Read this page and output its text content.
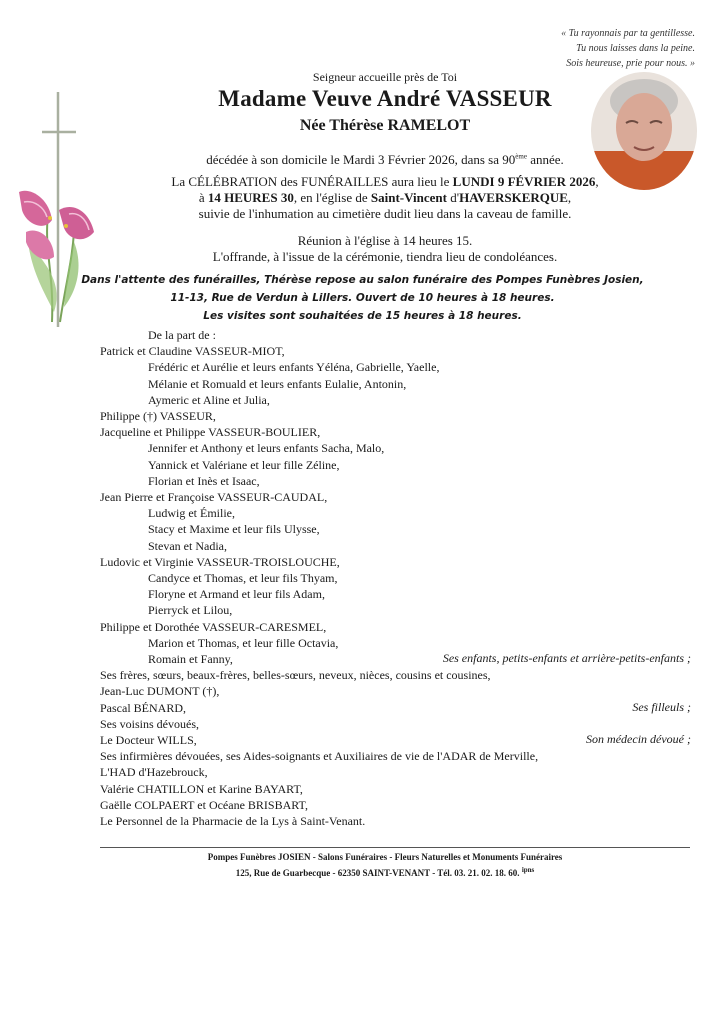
« Tu rayonnais par ta gentillesse.
Tu nous laisses dans la peine.
Sois heureuse, prie pour nous. »
Seigneur accueille près de Toi
Madame Veuve André VASSEUR
Née Thérèse RAMELOT
décédée à son domicile le Mardi 3 Février 2026, dans sa 90ème année.
La CÉLÉBRATION des FUNÉRAILLES aura lieu le LUNDI 9 FÉVRIER 2026,
à 14 HEURES 30, en l'église de Saint-Vincent d'HAVERSKERQUE,
suivie de l'inhumation au cimetière dudit lieu dans la caveau de famille.
Réunion à l'église à 14 heures 15.
L'offrande, à l'issue de la cérémonie, tiendra lieu de condoléances.
Dans l'attente des funérailles, Thérèse repose au salon funéraire des Pompes Funèbres Josien,
11-13, Rue de Verdun à Lillers. Ouvert de 10 heures à 18 heures.
Les visites sont souhaitées de 15 heures à 18 heures.
De la part de :
Patrick et Claudine VASSEUR-MIOT,
Frédéric et Aurélie et leurs enfants Yéléna, Gabrielle, Yaelle,
Mélanie et Romuald et leurs enfants Eulalie, Antonin,
Aymeric et Aline et Julia,
Philippe (†) VASSEUR,
Jacqueline et Philippe VASSEUR-BOULIER,
Jennifer et Anthony et leurs enfants Sacha, Malo,
Yannick et Valériane et leur fille Zéline,
Florian et Inès et Isaac,
Jean Pierre et Françoise VASSEUR-CAUDAL,
Ludwig et Émilie,
Stacy et Maxime et leur fils Ulysse,
Stevan et Nadia,
Ludovic et Virginie VASSEUR-TROISLOUCHE,
Candyce et Thomas, et leur fils Thyam,
Floryne et Armand et leur fils Adam,
Pierryck et Lilou,
Philippe et Dorothée VASSEUR-CARESMEL,
Marion et Thomas, et leur fille Octavia,
Romain et Fanny,	Ses enfants, petits-enfants et arrière-petits-enfants ;
Ses frères, sœurs, beaux-frères, belles-sœurs, neveux, nièces, cousins et cousines,
Jean-Luc DUMONT (†),
Pascal BÉNARD,	Ses filleuls ;
Ses voisins dévoués,
Le Docteur WILLS,	Son médecin dévoué ;
Ses infirmières dévouées, ses Aides-soignants et Auxiliaires de vie de l'ADAR de Merville,
L'HAD d'Hazebrouck,
Valérie CHATILLON et Karine BAYART,
Gaëlle COLPAERT et Océane BRISBART,
Le Personnel de la Pharmacie de la Lys à Saint-Venant.
Pompes Funèbres JOSIEN - Salons Funéraires - Fleurs Naturelles et Monuments Funéraires
125, Rue de Guarbecque - 62350 SAINT-VENANT - Tél. 03. 21. 02. 18. 60. $^{ipns}$
